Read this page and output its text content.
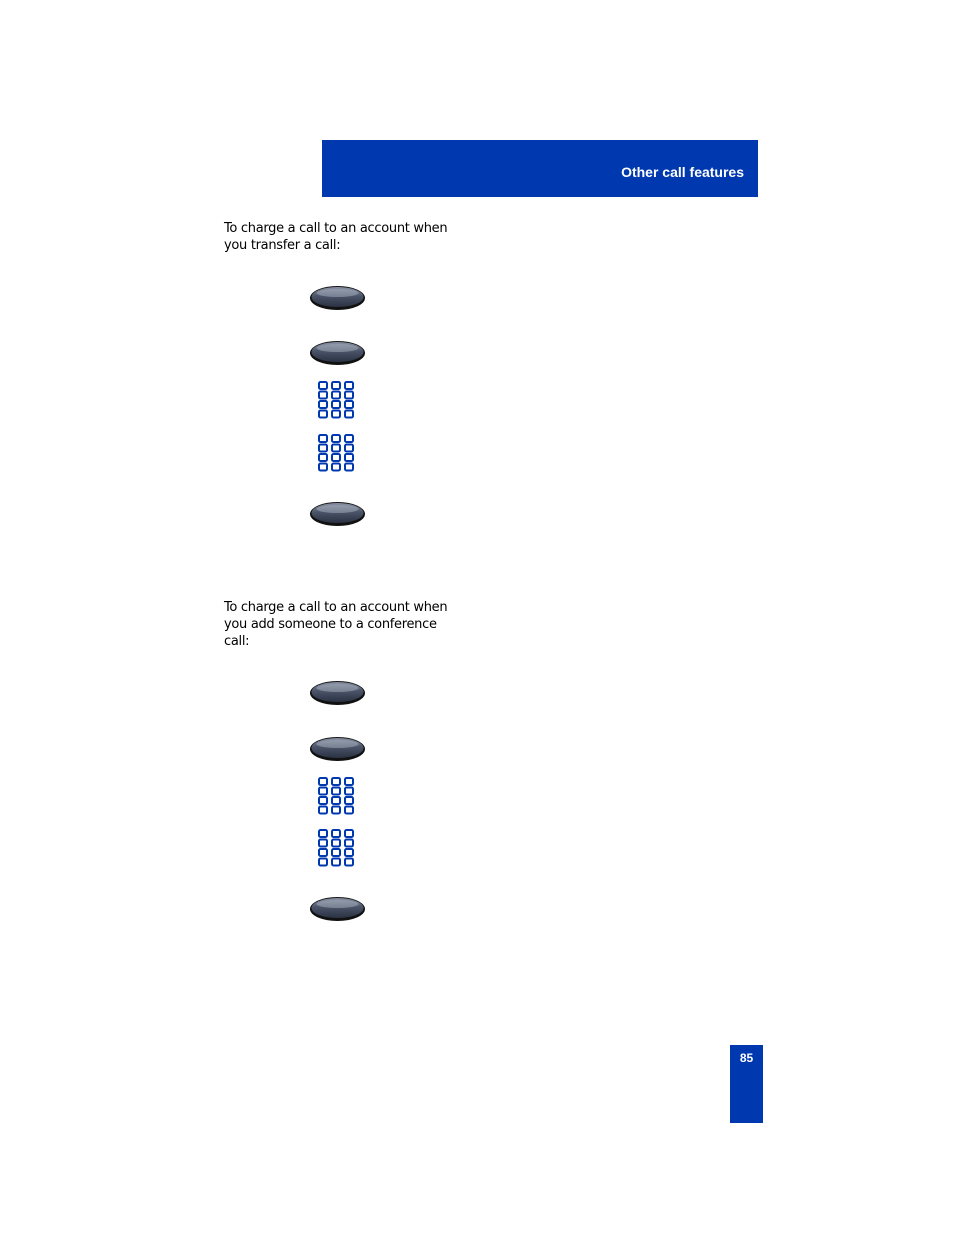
Other call features
To charge a call to an account when you transfer a call:
To charge a call to an account when you add someone to a conference call:
85
